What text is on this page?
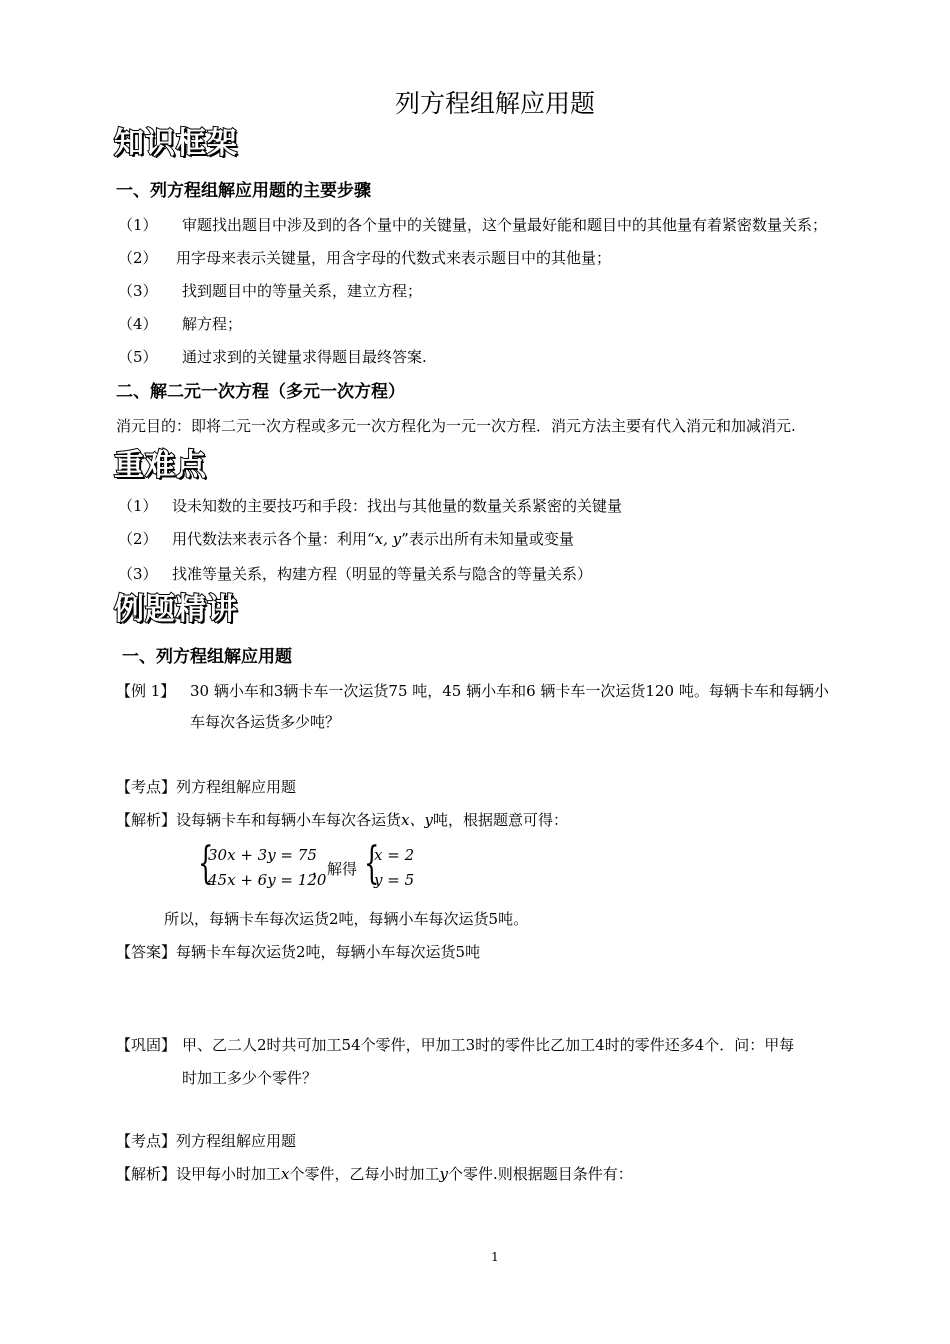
列方程组解应用题
知识框架
一、列方程组解应用题的主要步骤
（1） 审题找出题目中涉及到的各个量中的关键量，这个量最好能和题目中的其他量有着紧密数量关系；
（2） 用字母来表示关键量，用含字母的代数式来表示题目中的其他量；
（3） 找到题目中的等量关系，建立方程；
（4） 解方程；
（5） 通过求到的关键量求得题目最终答案.
二、解二元一次方程（多元一次方程）
消元目的：即将二元一次方程或多元一次方程化为一元一次方程．消元方法主要有代入消元和加减消元.
重难点
（1） 设未知数的主要技巧和手段：找出与其他量的数量关系紧密的关键量
（2） 用代数法来表示各个量：利用“x, y”表示出所有未知量或变量
（3） 找准等量关系，构建方程（明显的等量关系与隐含的等量关系）
例题精讲
一、列方程组解应用题
【例 1】 30 辆小车和3辆卡车一次运货75 吨，45 辆小车和6 辆卡车一次运货120 吨。每辆卡车和每辆小
车每次各运货多少吨？
【考点】列方程组解应用题
【解析】设每辆卡车和每辆小车每次各运货x、y吨，根据题意可得：
{
30x + 3y = 75
45x + 6y = 120
，解得 {
x = 2
y = 5
所以，每辆卡车每次运货2吨，每辆小车每次运货5吨。
【答案】每辆卡车每次运货2吨，每辆小车每次运货5吨
【巩固】 甲、乙二人2时共可加工54个零件，甲加工3时的零件比乙加工4时的零件还多4个．问：甲每
时加工多少个零件？
【考点】列方程组解应用题
【解析】设甲每小时加工x个零件，乙每小时加工y个零件.则根据题目条件有：
1
